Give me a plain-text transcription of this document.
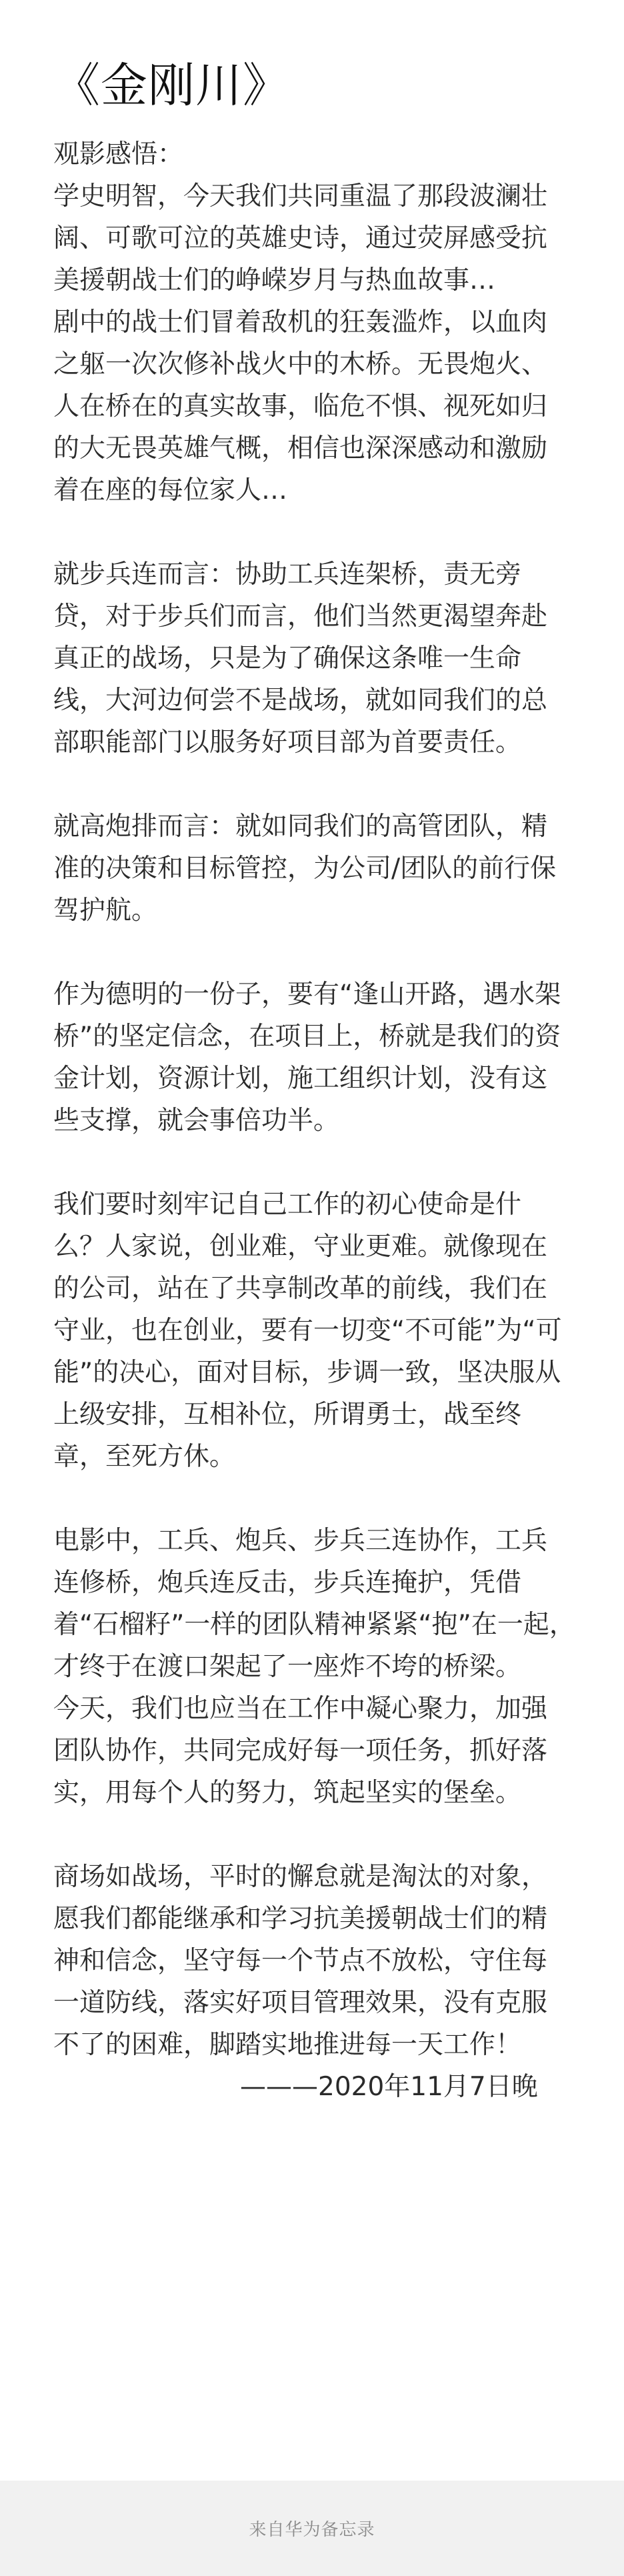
《金刚川》
观影感悟：
学史明智，今天我们共同重温了那段波澜壮
阔、可歌可泣的英雄史诗，通过荧屏感受抗
美援朝战士们的峥嵘岁月与热血故事…
剧中的战士们冒着敌机的狂轰滥炸，以血肉
之躯一次次修补战火中的木桥。无畏炮火、
人在桥在的真实故事，临危不惧、视死如归
的大无畏英雄气概，相信也深深感动和激励
着在座的每位家人…
就步兵连而言：协助工兵连架桥，责无旁
贷，对于步兵们而言，他们当然更渴望奔赴
真正的战场，只是为了确保这条唯一生命
线，大河边何尝不是战场，就如同我们的总
部职能部门以服务好项目部为首要责任。
就高炮排而言：就如同我们的高管团队，精
准的决策和目标管控，为公司/团队的前行保
驾护航。
作为德明的一份子，要有“逢山开路，遇水架
桥”的坚定信念，在项目上，桥就是我们的资
金计划，资源计划，施工组织计划，没有这
些支撑，就会事倍功半。
我们要时刻牢记自己工作的初心使命是什
么？人家说，创业难，守业更难。就像现在
的公司，站在了共享制改革的前线，我们在
守业，也在创业，要有一切变“不可能”为“可
能”的决心，面对目标，步调一致，坚决服从
上级安排，互相补位，所谓勇士，战至终
章，至死方休。
电影中，工兵、炮兵、步兵三连协作，工兵
连修桥，炮兵连反击，步兵连掩护，凭借
着“石榴籽”一样的团队精神紧紧“抱”在一起，
才终于在渡口架起了一座炸不垮的桥梁。
今天，我们也应当在工作中凝心聚力，加强
团队协作，共同完成好每一项任务，抓好落
实，用每个人的努力，筑起坚实的堡垒。
商场如战场，平时的懈怠就是淘汰的对象，
愿我们都能继承和学习抗美援朝战士们的精
神和信念，坚守每一个节点不放松，守住每
一道防线，落实好项目管理效果，没有克服
不了的困难，脚踏实地推进每一天工作！
———2020年11月7日晚
来自华为备忘录
